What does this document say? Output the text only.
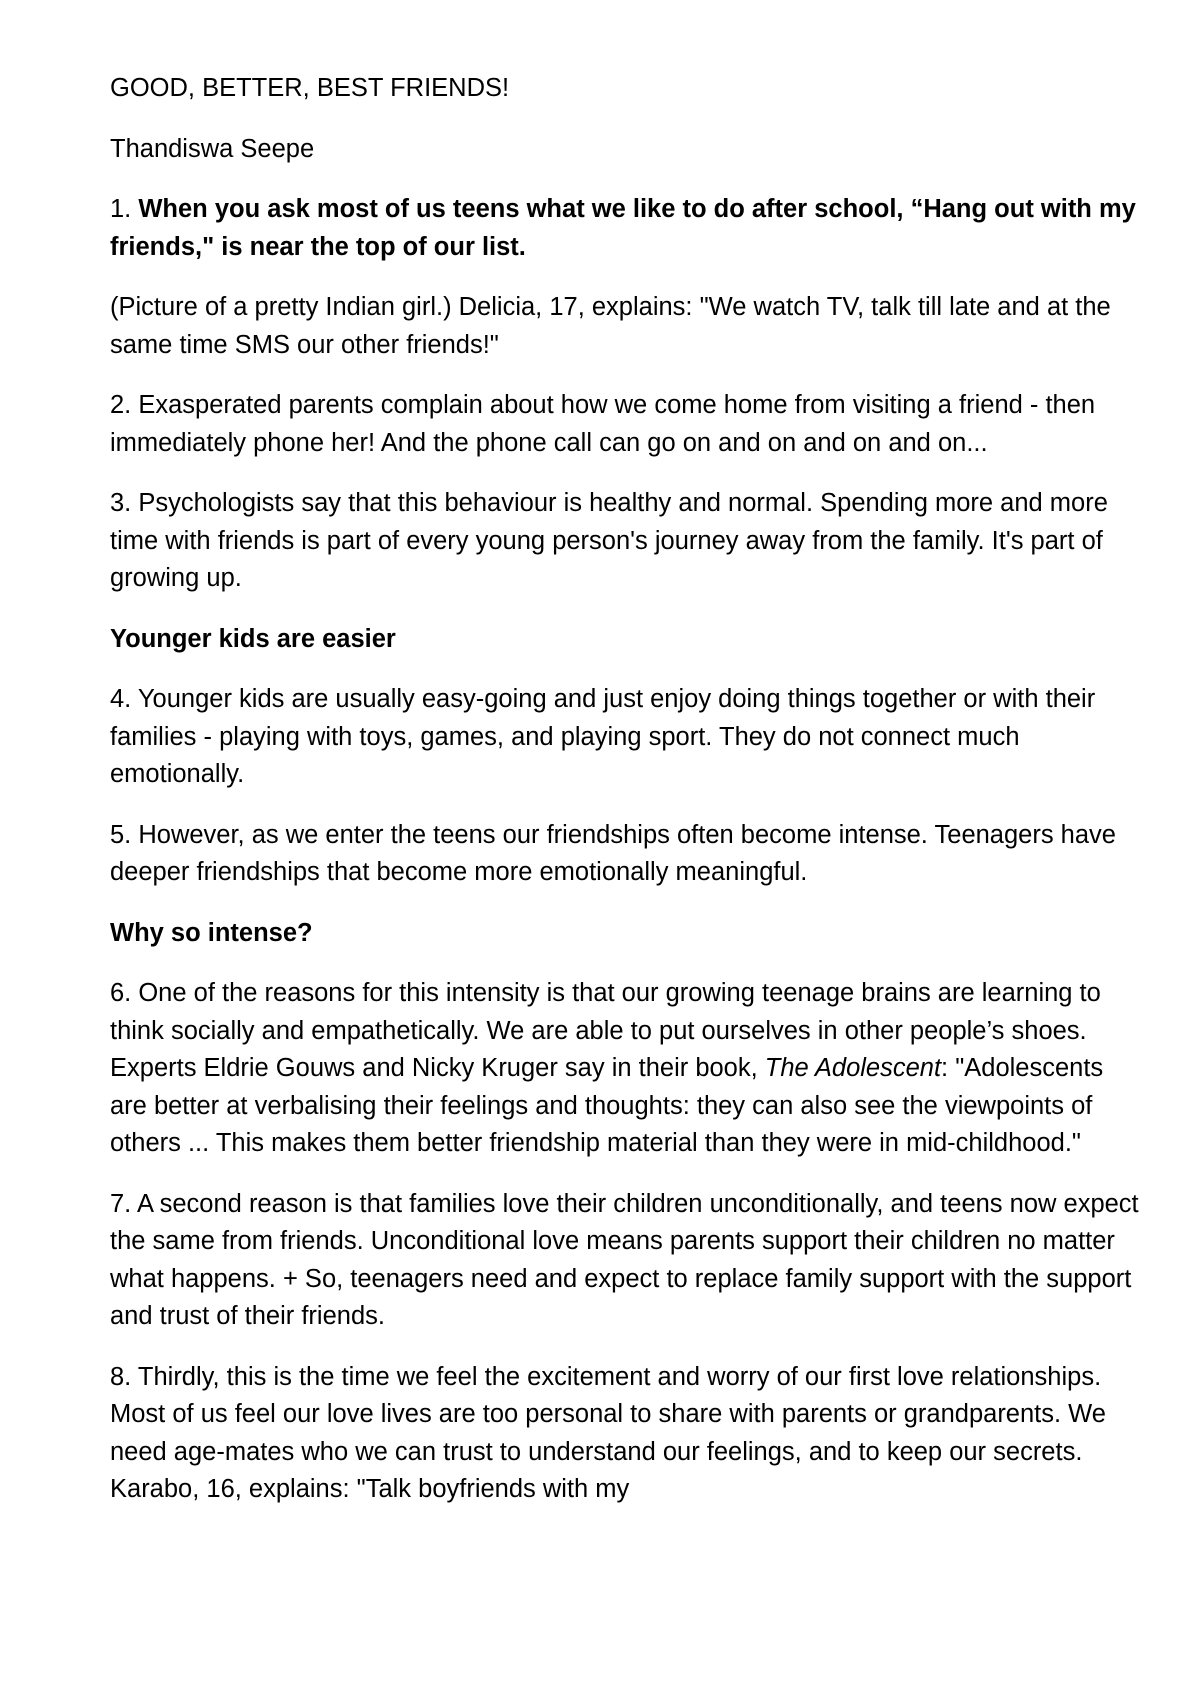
GOOD, BETTER, BEST FRIENDS!

Thandiswa Seepe

1. When you ask most of us teens what we like to do after school, “Hang out with my friends," is near the top of our list.

(Picture of a pretty Indian girl.) Delicia, 17, explains: "We watch TV, talk till late and at the same time SMS our other friends!"

2. Exasperated parents complain about how we come home from visiting a friend - then immediately phone her! And the phone call can go on and on and on and on...

3. Psychologists say that this behaviour is healthy and normal. Spending more and more time with friends is part of every young person's journey away from the family. It's part of growing up.

Younger kids are easier

4. Younger kids are usually easy-going and just enjoy doing things together or with their families - playing with toys, games, and playing sport. They do not connect much emotionally.

5. However, as we enter the teens our friendships often become intense. Teenagers have deeper friendships that become more emotionally meaningful.

Why so intense?

6. One of the reasons for this intensity is that our growing teenage brains are learning to think socially and empathetically. We are able to put ourselves in other people’s shoes. Experts Eldrie Gouws and Nicky Kruger say in their book, The Adolescent: "Adolescents are better at verbalising their feelings and thoughts: they can also see the viewpoints of others ... This makes them better friendship material than they were in mid-childhood."

7. A second reason is that families love their children unconditionally, and teens now expect the same from friends. Unconditional love means parents support their children no matter what happens. + So, teenagers need and expect to replace family support with the support and trust of their friends.

8. Thirdly, this is the time we feel the excitement and worry of our first love relationships. Most of us feel our love lives are too personal to share with parents or grandparents. We need age-mates who we can trust to understand our feelings, and to keep our secrets. Karabo, 16, explains: "Talk boyfriends with my
